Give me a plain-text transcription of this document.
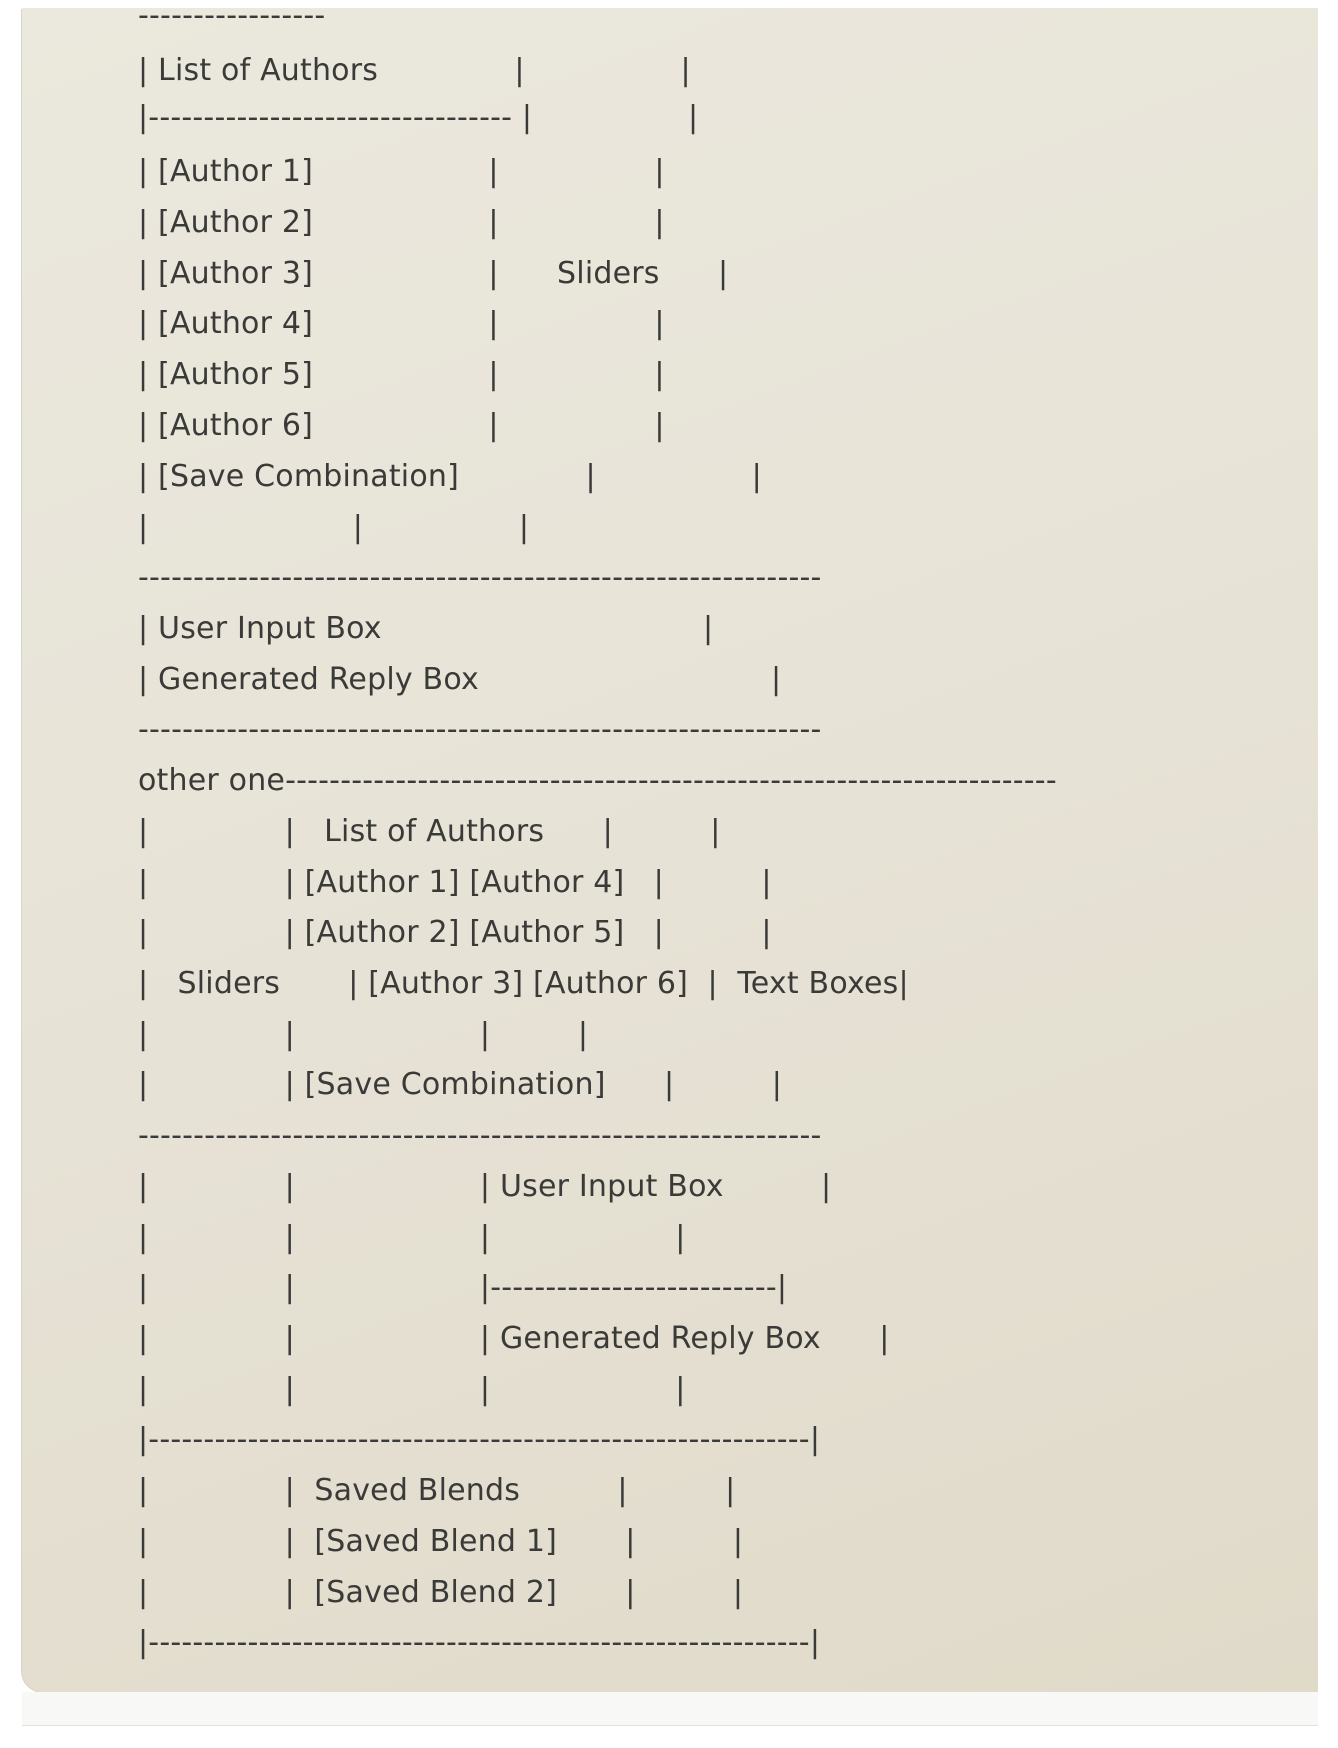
-----------------
| List of Authors              |                |
|--------------------------------- |                |
| [Author 1]                  |                |
| [Author 2]                  |                |
| [Author 3]                  |      Sliders      |
| [Author 4]                  |                |
| [Author 5]                  |                |
| [Author 6]                  |                |
| [Save Combination]             |                |
|                     |                |
--------------------------------------------------------------
| User Input Box                                 |
| Generated Reply Box                              |
--------------------------------------------------------------
other one----------------------------------------------------------------------
|              |   List of Authors      |          |
|              | [Author 1] [Author 4]   |          |
|              | [Author 2] [Author 5]   |          |
|   Sliders       | [Author 3] [Author 6]  |  Text Boxes|
|              |                   |         |
|              | [Save Combination]      |          |
--------------------------------------------------------------
|              |                   | User Input Box          |
|              |                   |                   |
|              |                   |--------------------------|
|              |                   | Generated Reply Box      |
|              |                   |                   |
|------------------------------------------------------------|
|              |  Saved Blends          |          |
|              |  [Saved Blend 1]       |          |
|              |  [Saved Blend 2]       |          |
|------------------------------------------------------------|
